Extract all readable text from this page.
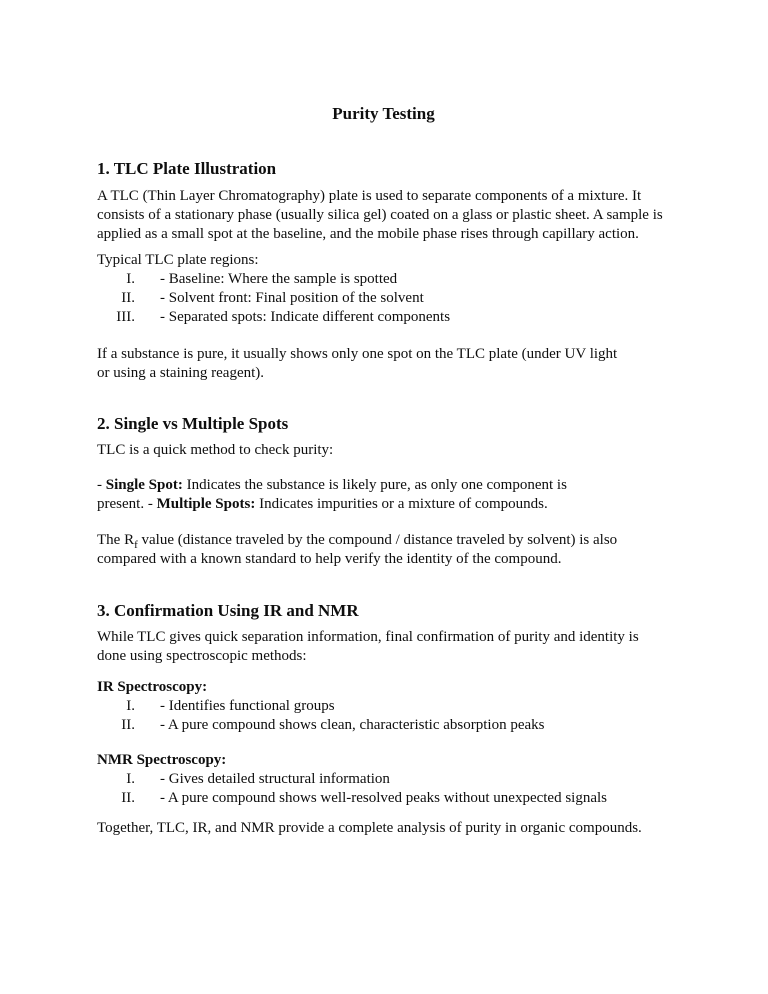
Purity Testing
1. TLC Plate Illustration

A TLC (Thin Layer Chromatography) plate is used to separate components of a mixture. It
consists of a stationary phase (usually silica gel) coated on a glass or plastic sheet. A sample is
applied as a small spot at the baseline, and the mobile phase rises through capillary action.

Typical TLC plate regions:

I.	- Baseline: Where the sample is spotted
II.	- Solvent front: Final position of the solvent
III.	- Separated spots: Indicate different components

If a substance is pure, it usually shows only one spot on the TLC plate (under UV light
or using a staining reagent).

2. Single vs Multiple Spots

TLC is a quick method to check purity:

- Single Spot: Indicates the substance is likely pure, as only one component is
present. - Multiple Spots: Indicates impurities or a mixture of compounds.

The $R_f$ value (distance traveled by the compound / distance traveled by solvent) is also
compared with a known standard to help verify the identity of the compound.

3. Confirmation Using IR and NMR

While TLC gives quick separation information, final confirmation of purity and identity is
done using spectroscopic methods:

IR Spectroscopy:

I.	- Identifies functional groups
II.	- A pure compound shows clean, characteristic absorption peaks

NMR Spectroscopy:

I.	- Gives detailed structural information
II.	- A pure compound shows well-resolved peaks without unexpected signals

Together, TLC, IR, and NMR provide a complete analysis of purity in organic compounds.
